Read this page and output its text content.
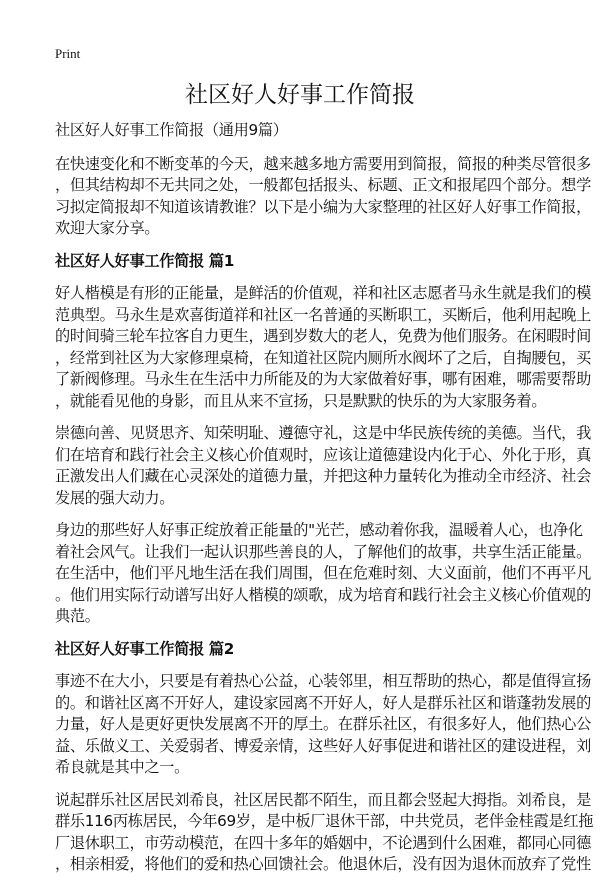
Print
社区好人好事工作简报
社区好人好事工作简报（通用9篇）
在快速变化和不断变革的今天，越来越多地方需要用到简报，简报的种类尽管很多
，但其结构却不无共同之处，一般都包括报头、标题、正文和报尾四个部分。想学
习拟定简报却不知道该请教谁？以下是小编为大家整理的社区好人好事工作简报，
欢迎大家分享。
社区好人好事工作简报 篇1
好人楷模是有形的正能量，是鲜活的价值观，祥和社区志愿者马永生就是我们的模
范典型。马永生是欢喜街道祥和社区一名普通的买断职工，买断后，他利用起晚上
的时间骑三轮车拉客自力更生，遇到岁数大的老人，免费为他们服务。在闲暇时间
，经常到社区为大家修理桌椅，在知道社区院内厕所水阀坏了之后，自掏腰包，买
了新阀修理。马永生在生活中力所能及的为大家做着好事，哪有困难，哪需要帮助
，就能看见他的身影，而且从来不宣扬，只是默默的快乐的为大家服务着。
崇德向善、见贤思齐、知荣明耻、遵德守礼，这是中华民族传统的美德。当代，我
们在培育和践行社会主义核心价值观时，应该让道德建设内化于心、外化于形，真
正激发出人们藏在心灵深处的道德力量，并把这种力量转化为推动全市经济、社会
发展的强大动力。
身边的那些好人好事正绽放着正能量的"光芒，感动着你我，温暖着人心，也净化
着社会风气。让我们一起认识那些善良的人，了解他们的故事，共享生活正能量。
在生活中，他们平凡地生活在我们周围，但在危难时刻、大义面前，他们不再平凡
。他们用实际行动谱写出好人楷模的颂歌，成为培育和践行社会主义核心价值观的
典范。
社区好人好事工作简报 篇2
事迹不在大小，只要是有着热心公益，心装邻里，相互帮助的热心，都是值得宣扬
的。和谐社区离不开好人，建设家园离不开好人，好人是群乐社区和谐蓬勃发展的
力量，好人是更好更快发展离不开的厚土。在群乐社区，有很多好人，他们热心公
益、乐做义工、关爱弱者、博爱亲情，这些好人好事促进和谐社区的建设进程，刘
希良就是其中之一。
说起群乐社区居民刘希良，社区居民都不陌生，而且都会竖起大拇指。刘希良，是
群乐116丙栋居民，今年69岁，是中板厂退休干部，中共党员，老伴金桂霞是红拖
厂退休职工，市劳动模范，在四十多年的婚姻中，不论遇到什么困难，都同心同德
，相亲相爱，将他们的爱和热心回馈社会。他退休后，没有因为退休而放弃了党性
